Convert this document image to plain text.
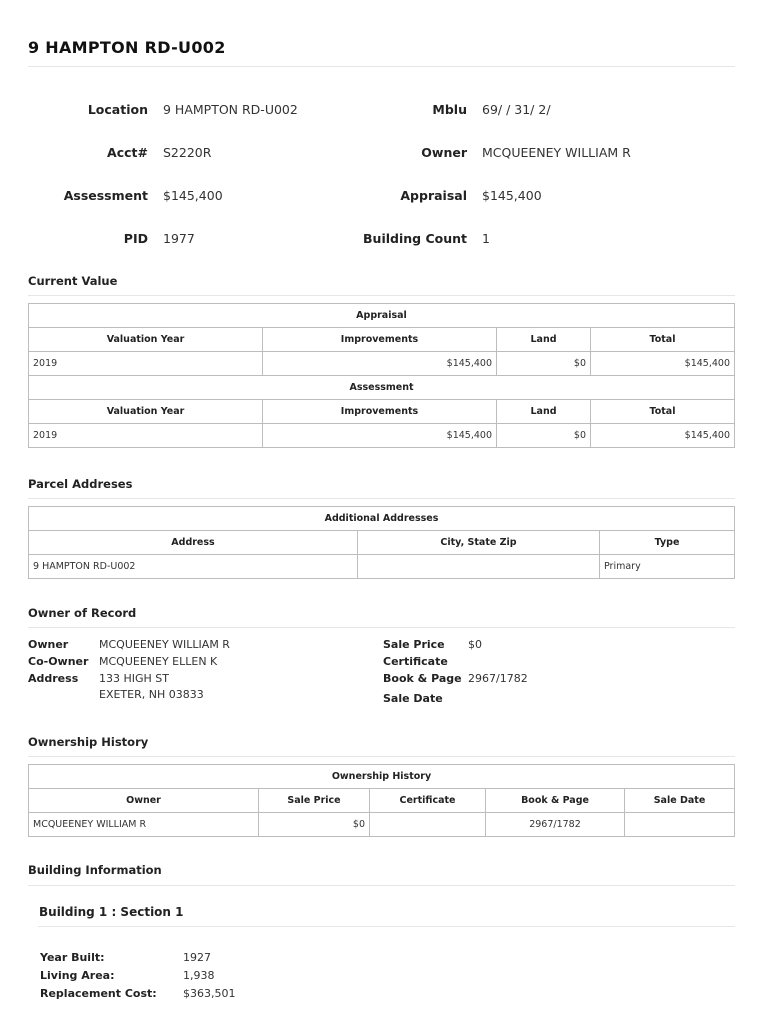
9 HAMPTON RD-U002
Location 9 HAMPTON RD-U002	Mblu 69/ / 31/ 2/
Acct# S2220R	Owner MCQUEENEY WILLIAM R
Assessment $145,400	Appraisal $145,400
PID 1977	Building Count 1
Current Value
Appraisal			
Valuation Year	Improvements	Land	Total
2019	$145,400	$0	$145,400
Assessment			
Valuation Year	Improvements	Land	Total
2019	$145,400	$0	$145,400
Parcel Addreses
Additional Addresses		
Address	City, State Zip	Type
9 HAMPTON RD-U002		Primary
Owner of Record
Owner	MCQUEENEY WILLIAM R
Co-Owner MCQUEENEY ELLEN K
Address 133 HIGH ST
EXETER, NH 03833
Sale Price $0
Certificate
Book & Page 2967/1782
Sale Date
Ownership History
Ownership History				
Owner	Sale Price	Certificate	Book & Page	Sale Date
MCQUEENEY WILLIAM R	$0		2967/1782	
Building Information
Building 1 : Section 1
Year Built:	1927
Living Area:	1,938
Replacement Cost: $363,501
